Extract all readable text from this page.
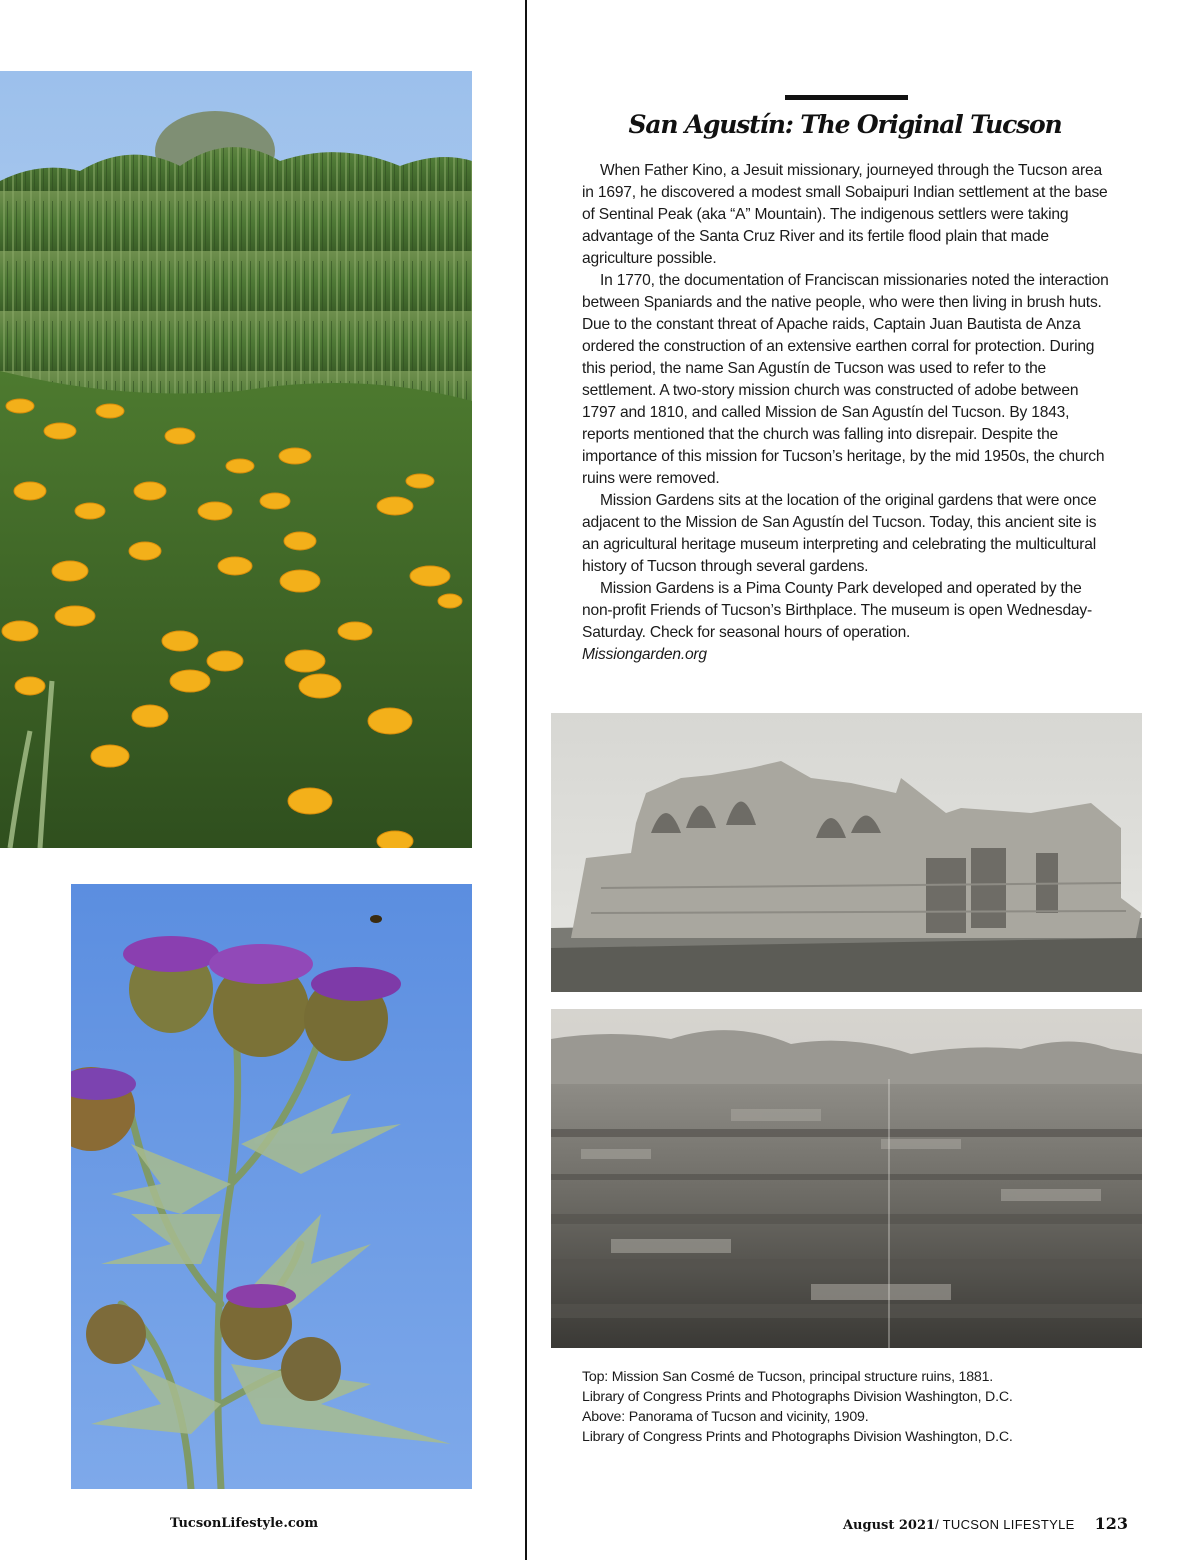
San Agustín: The Original Tucson

When Father Kino, a Jesuit missionary, journeyed through the Tucson area in 1697, he discovered a modest small Sobaipuri Indian settlement at the base of Sentinal Peak (aka “A” Mountain). The indigenous settlers were taking advantage of the Santa Cruz River and its fertile flood plain that made agriculture possible.

In 1770, the documentation of Franciscan missionaries noted the interaction between Spaniards and the native people, who were then living in brush huts. Due to the constant threat of Apache raids, Captain Juan Bautista de Anza ordered the construction of an extensive earthen corral for protection. During this period, the name San Agustín de Tucson was used to refer to the settlement. A two-story mission church was constructed of adobe between 1797 and 1810, and called Mission de San Agustín del Tucson. By 1843, reports mentioned that the church was falling into disrepair. Despite the importance of this mission for Tucson’s heritage, by the mid 1950s, the church ruins were removed.

Mission Gardens sits at the location of the original gardens that were once adjacent to the Mission de San Agustín del Tucson. Today, this ancient site is an agricultural heritage museum interpreting and celebrating the multicultural history of Tucson through several gardens.

Mission Gardens is a Pima County Park developed and operated by the non-profit Friends of Tucson’s Birthplace. The museum is open Wednesday-Saturday. Check for seasonal hours of operation.

Missiongarden.org
Top: Mission San Cosmé de Tucson, principal structure ruins, 1881.
Library of Congress Prints and Photographs Division Washington, D.C.
Above: Panorama of Tucson and vicinity, 1909.
Library of Congress Prints and Photographs Division Washington, D.C.
TucsonLifestyle.com	August 2021/ TUCSON LIFESTYLE 123
